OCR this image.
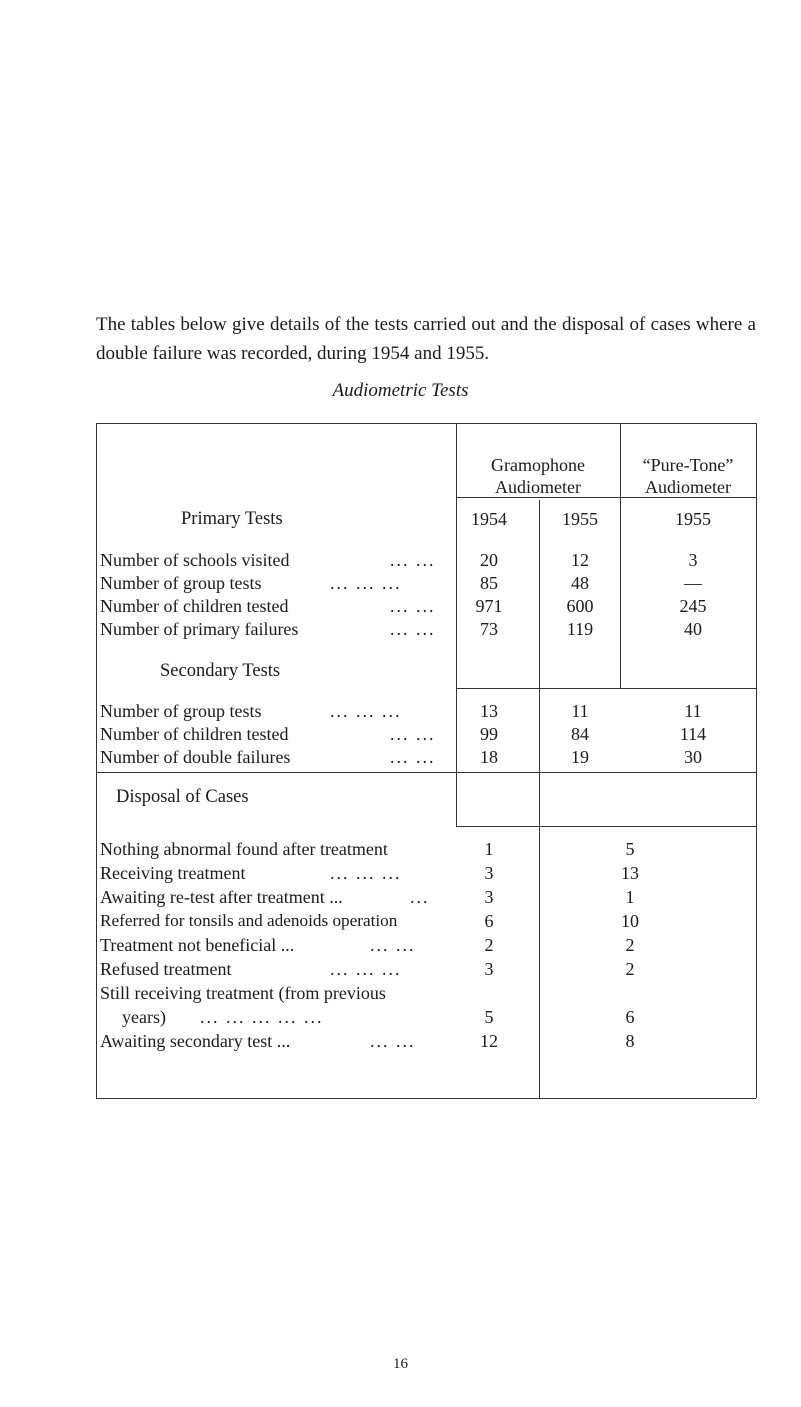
The tables below give details of the tests carried out and the disposal of cases where a double failure was recorded, during 1954 and 1955.
Audiometric Tests
Gramophone
Audiometer
“Pure-Tone”
Audiometer
1954	1955	1955
Primary Tests
Number of schools visited	... ...	20	12	3
Number of group tests	... ... ...	85	48	—
Number of children tested	... ...	971	600	245
Number of primary failures	... ...	73	119	40
Secondary Tests
Number of group tests	... ... ...	13	11	11
Number of children tested	... ...	99	84	114
Number of double failures	... ...	18	19	30
Disposal of Cases
Nothing abnormal found after treatment	1	5
Receiving treatment	... ... ...	3	13
Awaiting re-test after treatment ...	...	3	1
Referred for tonsils and adenoids operation	6	10
Treatment not beneficial ...	... ...	2	2
Refused treatment	... ... ...	3	2
Still receiving treatment (from previous
years) ... ... ... ... ...	5	6
Awaiting secondary test ...	... ...	12	8
16
